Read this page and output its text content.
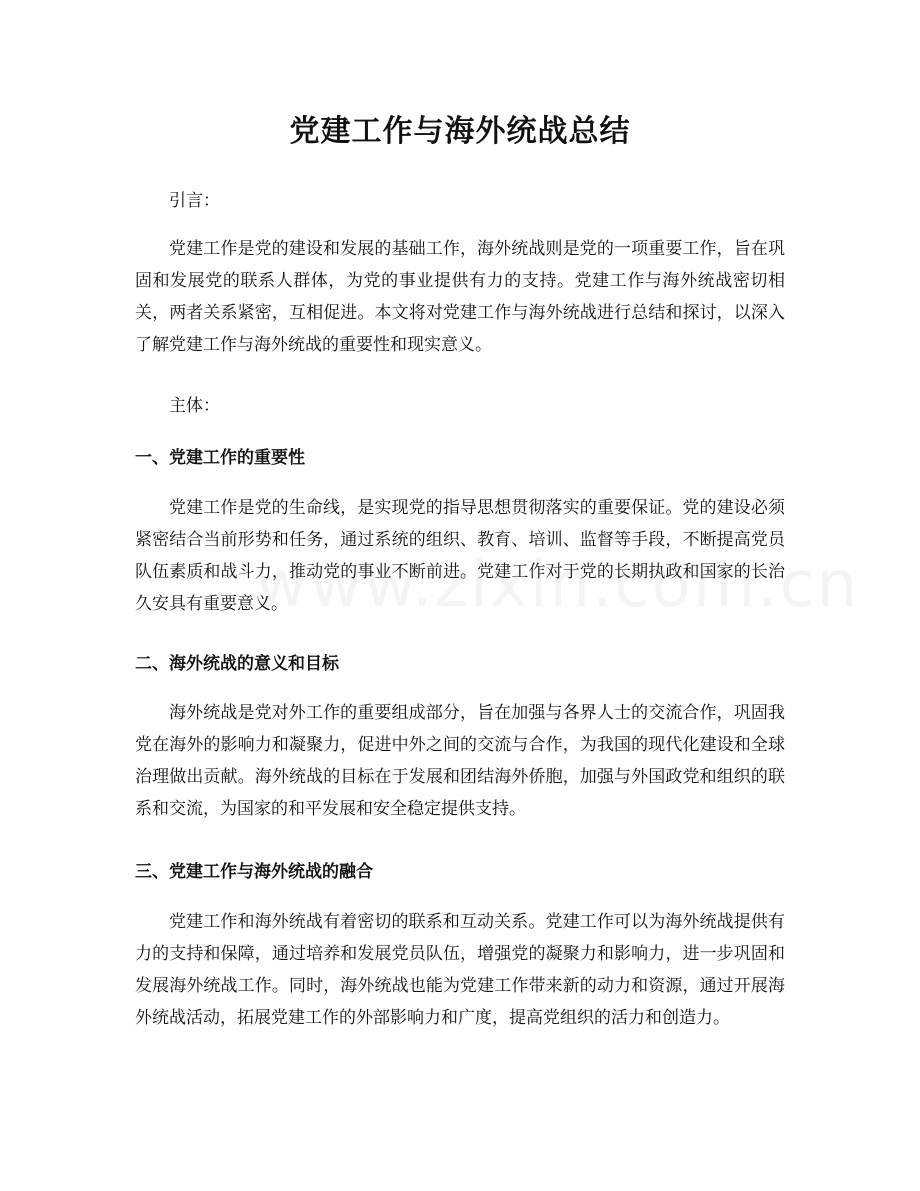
党建工作与海外统战总结

引言：

党建工作是党的建设和发展的基础工作，海外统战则是党的一项重要工作，旨在巩固和发展党的联系人群体，为党的事业提供有力的支持。党建工作与海外统战密切相关，两者关系紧密，互相促进。本文将对党建工作与海外统战进行总结和探讨，以深入了解党建工作与海外统战的重要性和现实意义。

主体：

一、党建工作的重要性

党建工作是党的生命线，是实现党的指导思想贯彻落实的重要保证。党的建设必须紧密结合当前形势和任务，通过系统的组织、教育、培训、监督等手段，不断提高党员队伍素质和战斗力，推动党的事业不断前进。党建工作对于党的长期执政和国家的长治久安具有重要意义。

二、海外统战的意义和目标

海外统战是党对外工作的重要组成部分，旨在加强与各界人士的交流合作，巩固我党在海外的影响力和凝聚力，促进中外之间的交流与合作，为我国的现代化建设和全球治理做出贡献。海外统战的目标在于发展和团结海外侨胞，加强与外国政党和组织的联系和交流，为国家的和平发展和安全稳定提供支持。

三、党建工作与海外统战的融合

党建工作和海外统战有着密切的联系和互动关系。党建工作可以为海外统战提供有力的支持和保障，通过培养和发展党员队伍，增强党的凝聚力和影响力，进一步巩固和发展海外统战工作。同时，海外统战也能为党建工作带来新的动力和资源，通过开展海外统战活动，拓展党建工作的外部影响力和广度，提高党组织的活力和创造力。
